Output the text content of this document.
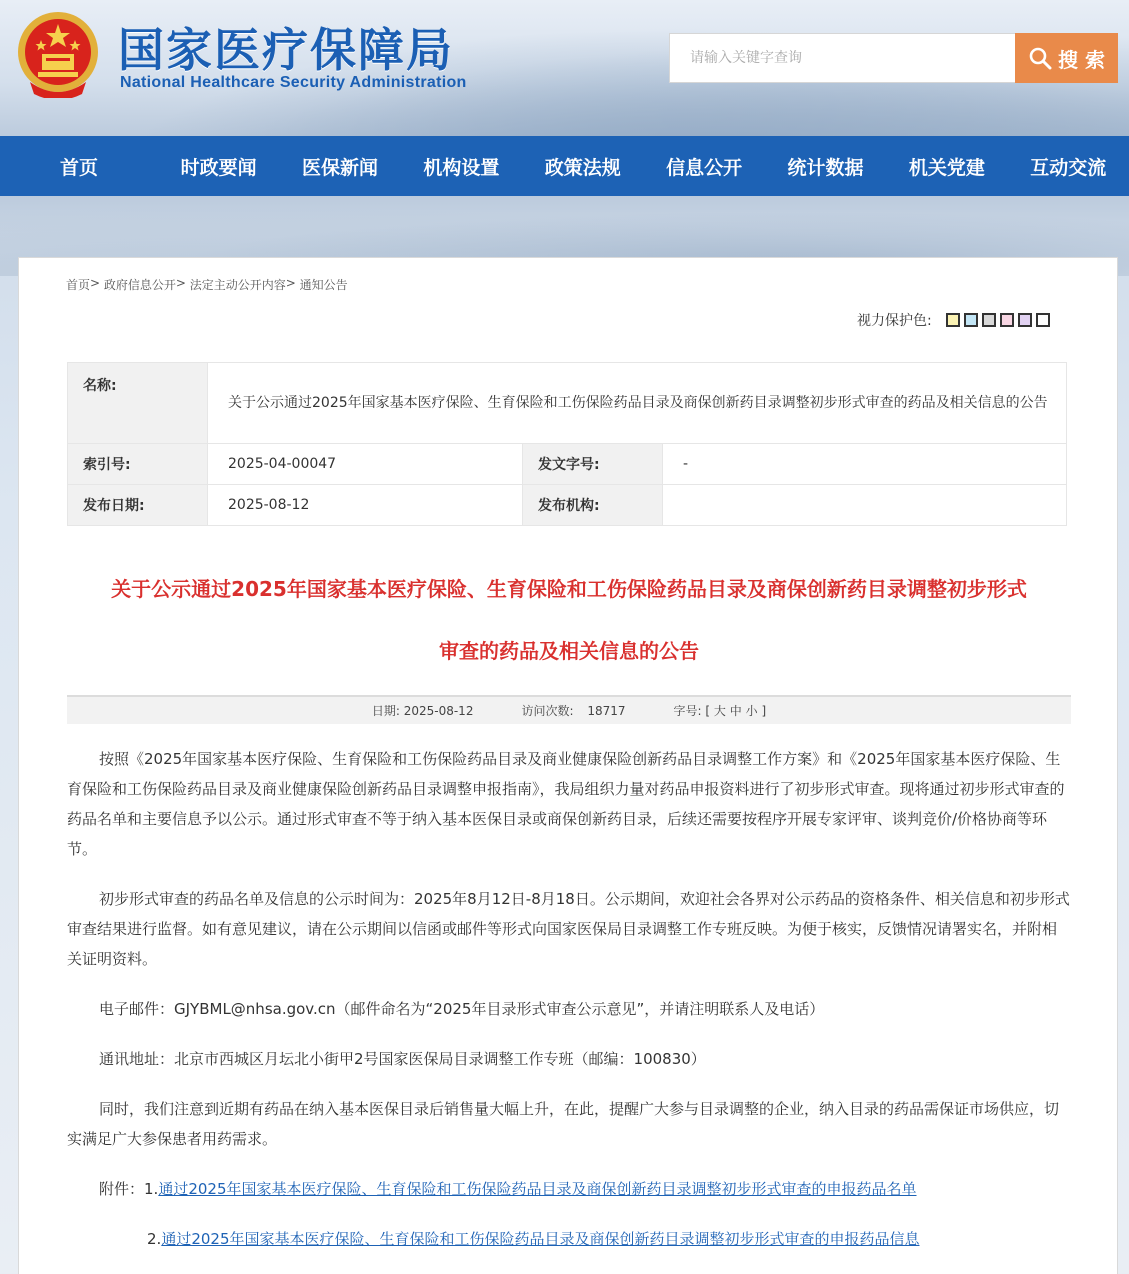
国家医疗保障局
National Healthcare Security Administration
请输入关键字查询
搜 索
首页	时政要闻	医保新闻	机构设置	政策法规	信息公开	统计数据	机关党建	互动交流
首页 > 政府信息公开 > 法定主动公开内容 > 通知公告
视力保护色:
名称:	关于公示通过2025年国家基本医疗保险、生育保险和工伤保险药品目录及商保创新药目录调整初步形式审查的药品及相关信息的公告		
索引号:	2025-04-00047	发文字号:	-
发布日期:	2025-08-12	发布机构:	
关于公示通过2025年国家基本医疗保险、生育保险和工伤保险药品目录及商保创新药目录调整初步形式
审查的药品及相关信息的公告
日期: 2025-08-12	访问次数: 18717	字号: [ 大 中 小 ]

按照《2025年国家基本医疗保险、生育保险和工伤保险药品目录及商业健康保险创新药品目录调整工作方案》和《2025年国家基本医疗保险、生育保险和工伤保险药品目录及商业健康保险创新药品目录调整申报指南》，我局组织力量对药品申报资料进行了初步形式审查。现将通过初步形式审查的药品名单和主要信息予以公示。通过形式审查不等于纳入基本医保目录或商保创新药目录，后续还需要按程序开展专家评审、谈判竞价/价格协商等环节。

初步形式审查的药品名单及信息的公示时间为：2025年8月12日-8月18日。公示期间，欢迎社会各界对公示药品的资格条件、相关信息和初步形式审查结果进行监督。如有意见建议，请在公示期间以信函或邮件等形式向国家医保局目录调整工作专班反映。为便于核实，反馈情况请署实名，并附相关证明资料。

电子邮件：GJYBML@nhsa.gov.cn（邮件命名为“2025年目录形式审查公示意见”，并请注明联系人及电话）

通讯地址：北京市西城区月坛北小街甲2号国家医保局目录调整工作专班（邮编：100830）

同时，我们注意到近期有药品在纳入基本医保目录后销售量大幅上升，在此，提醒广大参与目录调整的企业，纳入目录的药品需保证市场供应，切实满足广大参保患者用药需求。

附件：1.通过2025年国家基本医疗保险、生育保险和工伤保险药品目录及商保创新药目录调整初步形式审查的申报药品名单
2.通过2025年国家基本医疗保险、生育保险和工伤保险药品目录及商保创新药目录调整初步形式审查的申报药品信息
